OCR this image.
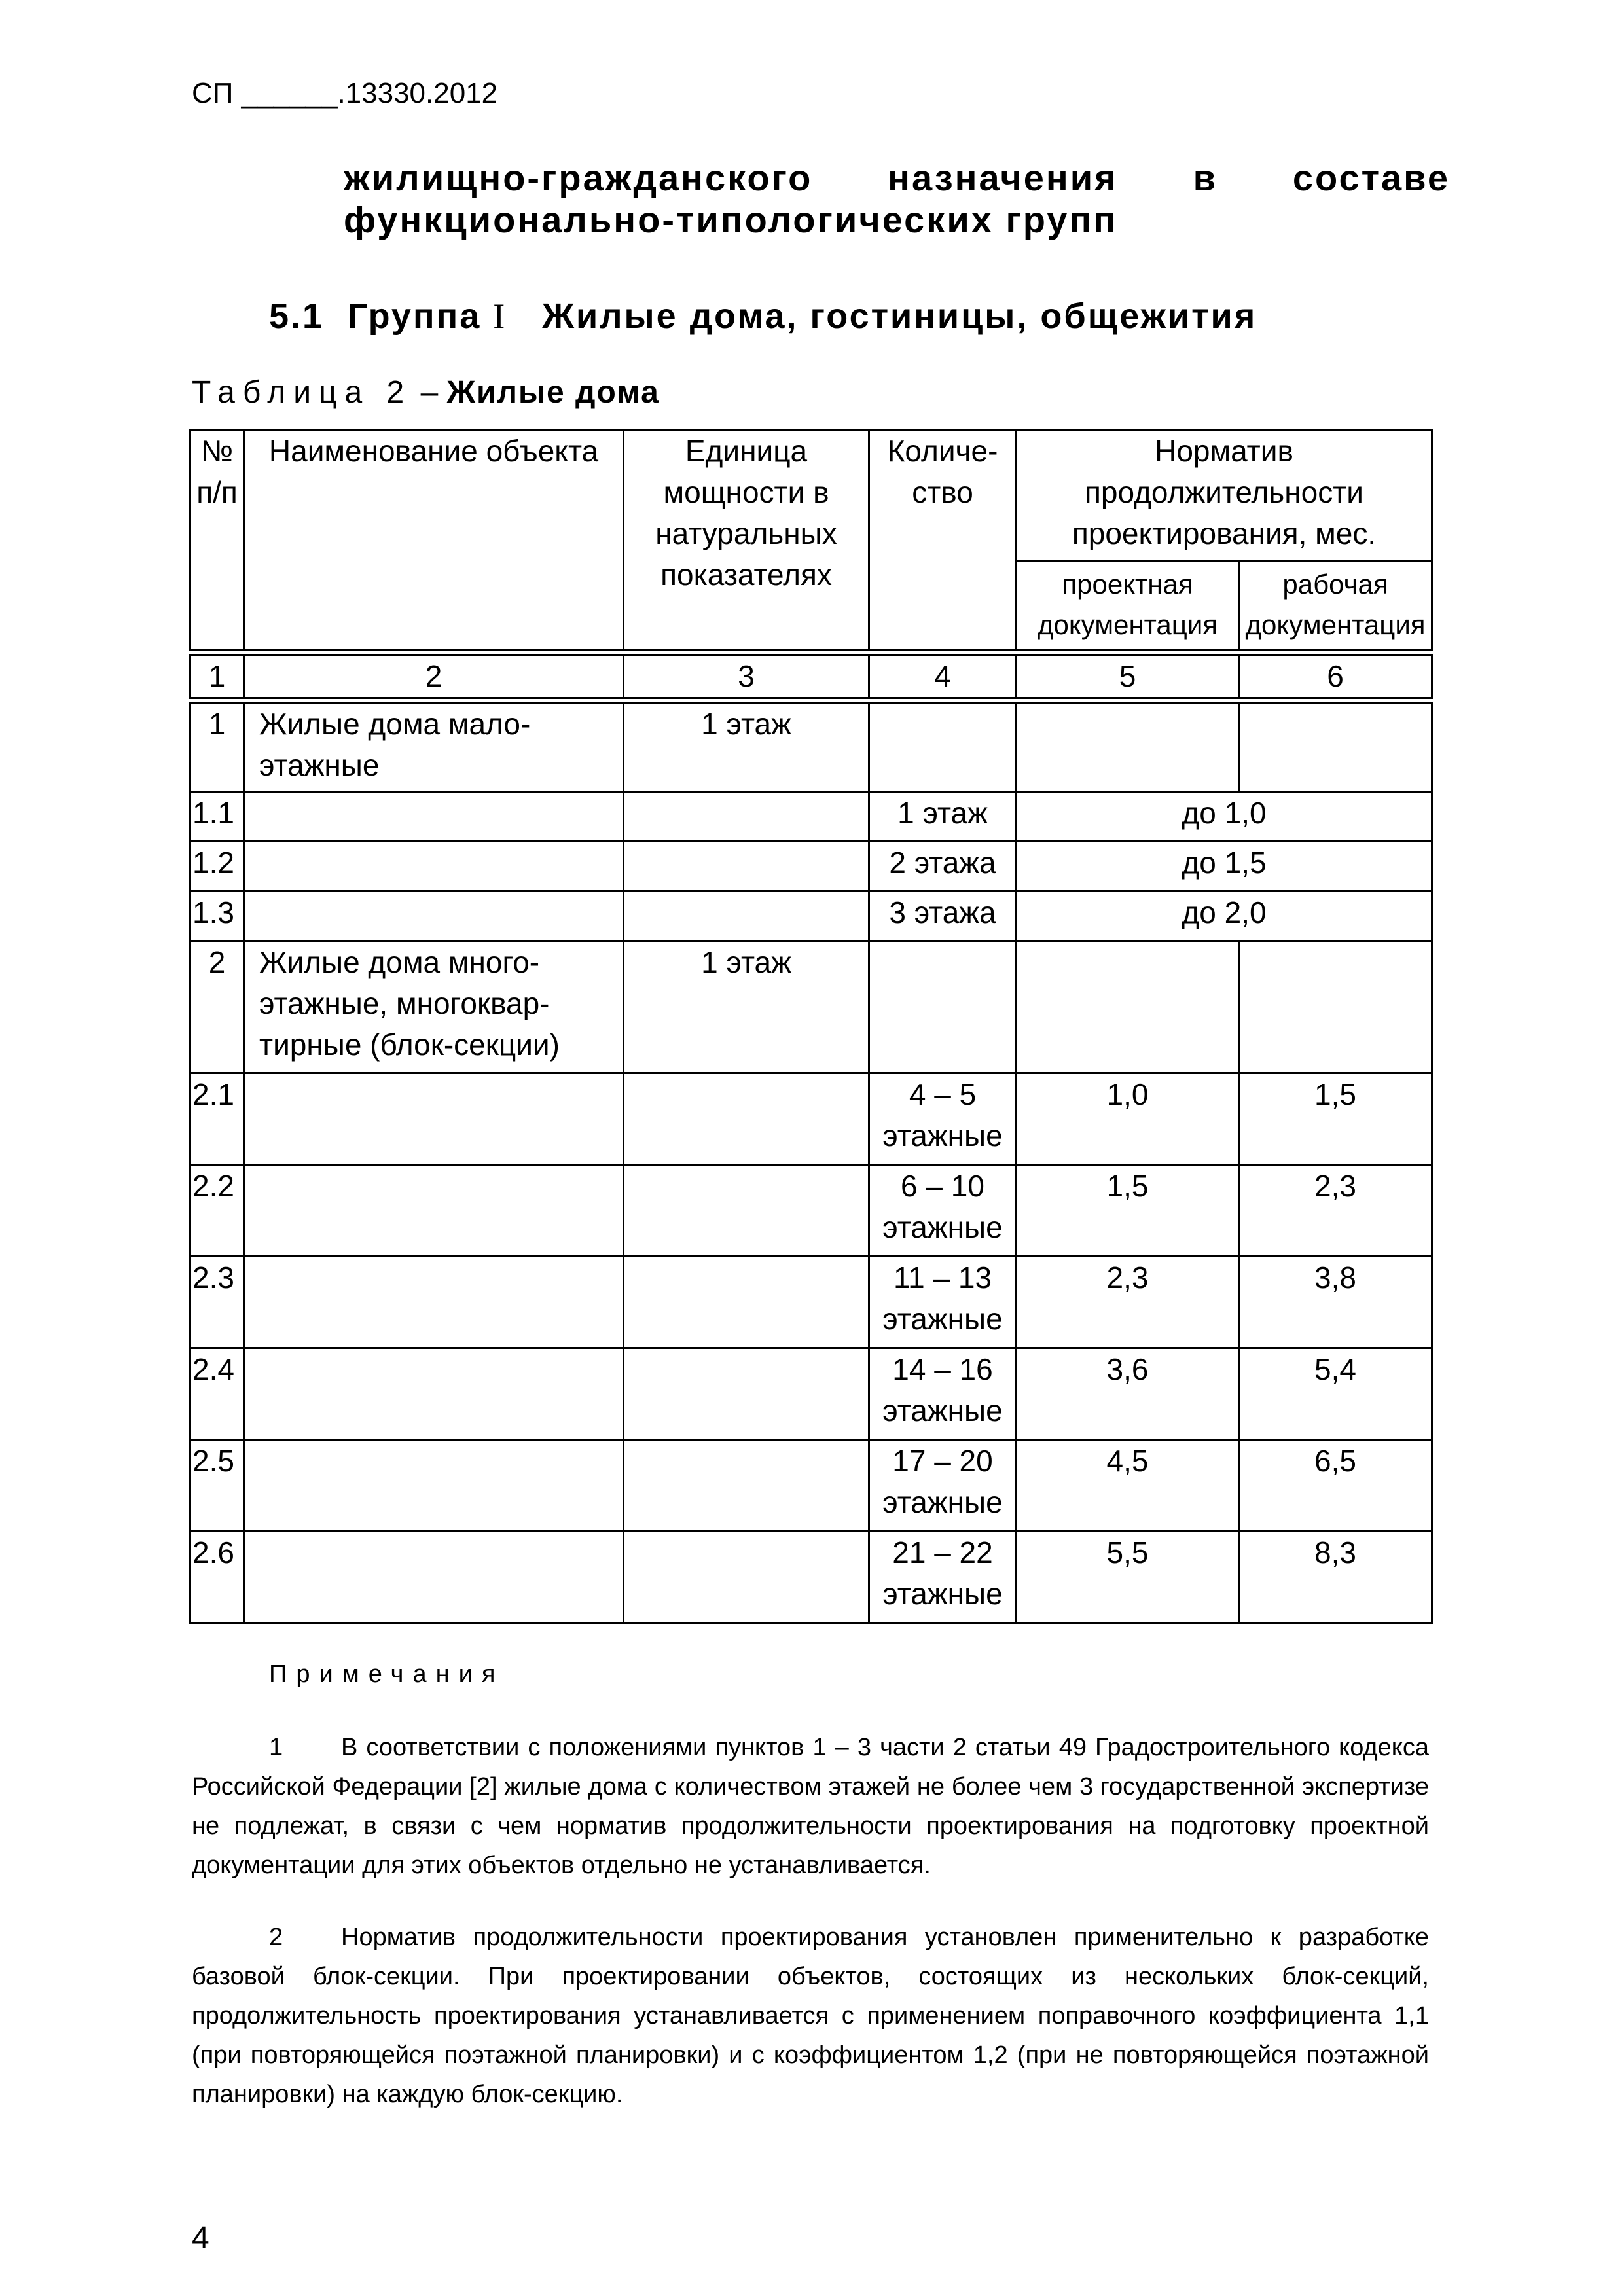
СП ______.13330.2012
жилищно-гражданского назначения в составе
функционально-типологических групп
5.1 Группа I Жилые дома, гостиницы, общежития
Таблица 2 – Жилые дома
№ п/п	Наименование объекта	Единица мощности в натуральных показателях	Количе-ство	Норматив продолжительности проектирования, мес.	
				проектная документация	рабочая документация
1	2	3	4	5	6
1	Жилые дома мало-этажные	1 этаж			
1.1			1 этаж	до 1,0	
1.2			2 этажа	до 1,5	
1.3			3 этажа	до 2,0	
2	Жилые дома много-этажные, многоквар-тирные (блок-секции)	1 этаж			
2.1			4 – 5 этажные	1,0	1,5
2.2			6 – 10 этажные	1,5	2,3
2.3			11 – 13 этажные	2,3	3,8
2.4			14 – 16 этажные	3,6	5,4
2.5			17 – 20 этажные	4,5	6,5
2.6			21 – 22 этажные	5,5	8,3
Примечания
1 В соответствии с положениями пунктов 1 – 3 части 2 статьи 49 Градостроительного кодекса Российской Федерации [2] жилые дома с количеством этажей не более чем 3 государственной экспертизе не подлежат, в связи с чем норматив продолжительности проектирования на подготовку проектной документации для этих объектов отдельно не устанавливается.
2 Норматив продолжительности проектирования установлен применительно к разработке базовой блок-секции. При проектировании объектов, состоящих из нескольких блок-секций, продолжительность проектирования устанавливается с применением поправочного коэффициента 1,1 (при повторяющейся поэтажной планировки) и с коэффициентом 1,2 (при не повторяющейся поэтажной планировки) на каждую блок-секцию.
4
